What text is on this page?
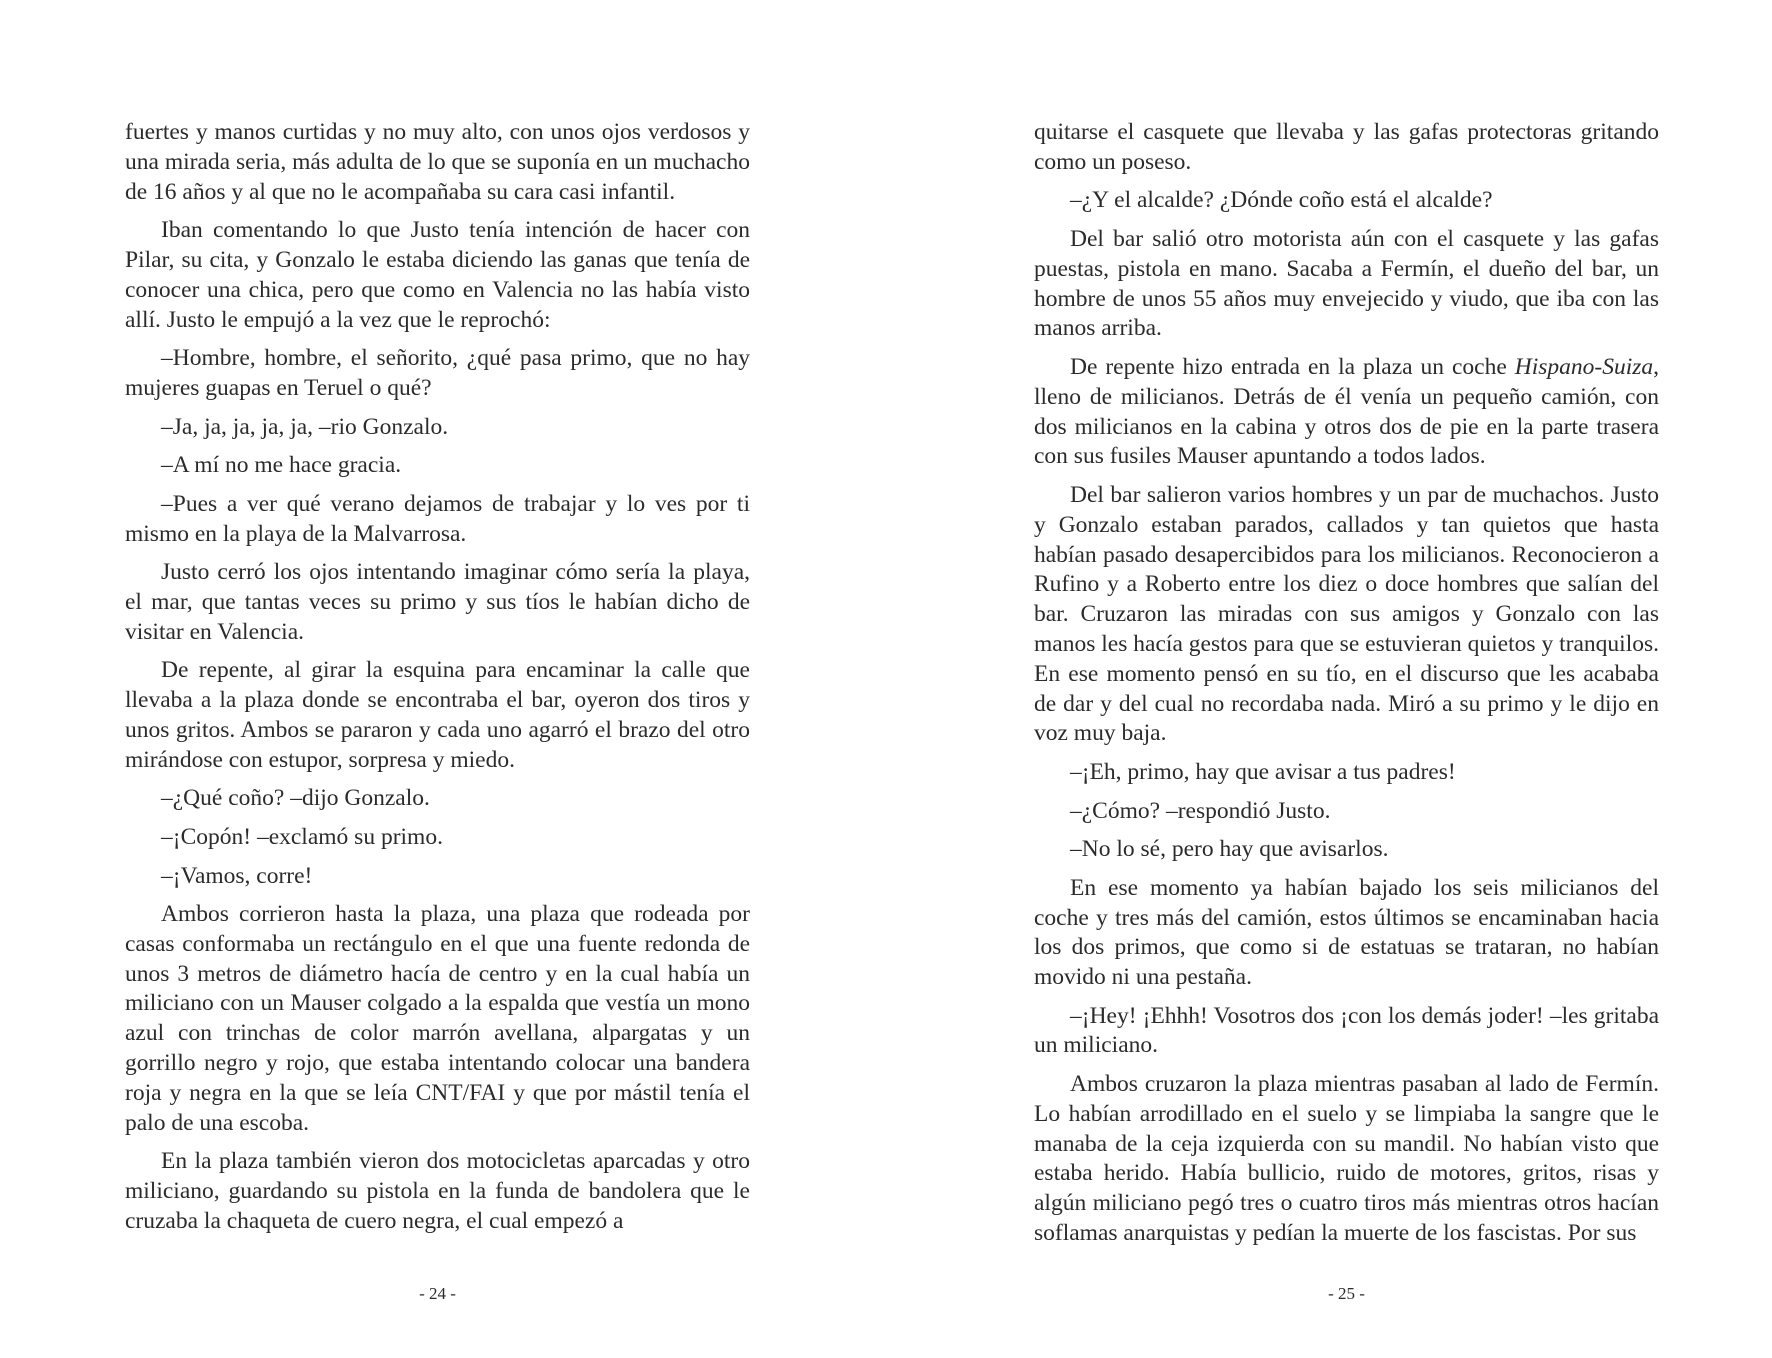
fuertes y manos curtidas y no muy alto, con unos ojos verdosos y una mirada seria, más adulta de lo que se suponía en un muchacho de 16 años y al que no le acompañaba su cara casi infantil.

Iban comentando lo que Justo tenía intención de hacer con Pilar, su cita, y Gonzalo le estaba diciendo las ganas que tenía de conocer una chica, pero que como en Valencia no las había visto allí. Justo le empujó a la vez que le reprochó:

–Hombre, hombre, el señorito, ¿qué pasa primo, que no hay mujeres guapas en Teruel o qué?

–Ja, ja, ja, ja, ja, –rio Gonzalo.

–A mí no me hace gracia.

–Pues a ver qué verano dejamos de trabajar y lo ves por ti mismo en la playa de la Malvarrosa.

Justo cerró los ojos intentando imaginar cómo sería la playa, el mar, que tantas veces su primo y sus tíos le habían dicho de visitar en Valencia.

De repente, al girar la esquina para encaminar la calle que llevaba a la plaza donde se encontraba el bar, oyeron dos tiros y unos gritos. Ambos se pararon y cada uno agarró el brazo del otro mirándose con estupor, sorpresa y miedo.

–¿Qué coño? –dijo Gonzalo.

–¡Copón! –exclamó su primo.

–¡Vamos, corre!

Ambos corrieron hasta la plaza, una plaza que rodeada por casas conformaba un rectángulo en el que una fuente redonda de unos 3 metros de diámetro hacía de centro y en la cual había un miliciano con un Mauser colgado a la espalda que vestía un mono azul con trinchas de color marrón avellana, alpargatas y un gorrillo negro y rojo, que estaba intentando colocar una bandera roja y negra en la que se leía CNT/FAI y que por mástil tenía el palo de una escoba.

En la plaza también vieron dos motocicletas aparcadas y otro miliciano, guardando su pistola en la funda de bandolera que le cruzaba la chaqueta de cuero negra, el cual empezó a

quitarse el casquete que llevaba y las gafas protectoras gritando como un poseso.

–¿Y el alcalde? ¿Dónde coño está el alcalde?

Del bar salió otro motorista aún con el casquete y las gafas puestas, pistola en mano. Sacaba a Fermín, el dueño del bar, un hombre de unos 55 años muy envejecido y viudo, que iba con las manos arriba.

De repente hizo entrada en la plaza un coche Hispano-Suiza, lleno de milicianos. Detrás de él venía un pequeño camión, con dos milicianos en la cabina y otros dos de pie en la parte trasera con sus fusiles Mauser apuntando a todos lados.

Del bar salieron varios hombres y un par de muchachos. Justo y Gonzalo estaban parados, callados y tan quietos que hasta habían pasado desapercibidos para los milicianos. Reconocieron a Rufino y a Roberto entre los diez o doce hombres que salían del bar. Cruzaron las miradas con sus amigos y Gonzalo con las manos les hacía gestos para que se estuvieran quietos y tranquilos. En ese momento pensó en su tío, en el discurso que les acababa de dar y del cual no recordaba nada. Miró a su primo y le dijo en voz muy baja.

–¡Eh, primo, hay que avisar a tus padres!

–¿Cómo? –respondió Justo.

–No lo sé, pero hay que avisarlos.

En ese momento ya habían bajado los seis milicianos del coche y tres más del camión, estos últimos se encaminaban hacia los dos primos, que como si de estatuas se trataran, no habían movido ni una pestaña.

–¡Hey! ¡Ehhh! Vosotros dos ¡con los demás joder! –les gritaba un miliciano.

Ambos cruzaron la plaza mientras pasaban al lado de Fermín. Lo habían arrodillado en el suelo y se limpiaba la sangre que le manaba de la ceja izquierda con su mandil. No habían visto que estaba herido. Había bullicio, ruido de motores, gritos, risas y algún miliciano pegó tres o cuatro tiros más mientras otros hacían soflamas anarquistas y pedían la muerte de los fascistas. Por sus

- 24 -	- 25 -
